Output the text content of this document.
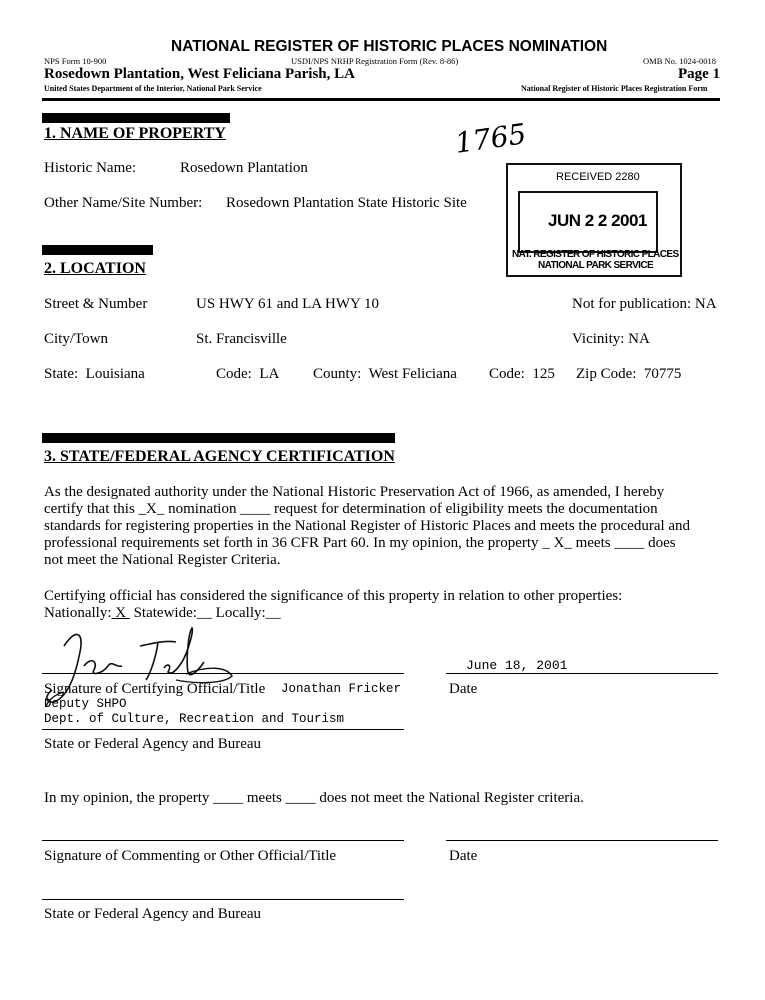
NATIONAL REGISTER OF HISTORIC PLACES NOMINATION
NPS Form 10-900	USDI/NPS NRHP Registration Form (Rev. 8-86)	OMB No. 1024-0018
Rosedown Plantation, West Feliciana Parish, LA	Page 1
United States Department of the Interior, National Park Service	National Register of Historic Places Registration Form
1. NAME OF PROPERTY	1765
Historic Name:	Rosedown Plantation
Other Name/Site Number: Rosedown Plantation State Historic Site
RECEIVED 2280
JUN 2 2 2001
NAT. REGISTER OF HISTORIC PLACES
NATIONAL PARK SERVICE
2. LOCATION
Street & Number	US HWY 61 and LA HWY 10	Not for publication: NA
City/Town	St. Francisville	Vicinity: NA
State:  Louisiana	Code:  LA County:  West Feliciana Code:  125 Zip Code:  70775
3. STATE/FEDERAL AGENCY CERTIFICATION
As the designated authority under the National Historic Preservation Act of 1966, as amended, I hereby
certify that this _X_ nomination ____ request for determination of eligibility meets the documentation
standards for registering properties in the National Register of Historic Places and meets the procedural and
professional requirements set forth in 36 CFR Part 60. In my opinion, the property _ X_ meets ____ does
not meet the National Register Criteria.
Certifying official has considered the significance of this property in relation to other properties:
Nationally: X  Statewide:__ Locally:__
June 18, 2001
Signature of Certifying Official/Title Jonathan Fricker	Date
Deputy SHPO
Dept. of Culture, Recreation and Tourism
State or Federal Agency and Bureau
In my opinion, the property ____ meets ____ does not meet the National Register criteria.
Signature of Commenting or Other Official/Title	Date
State or Federal Agency and Bureau
